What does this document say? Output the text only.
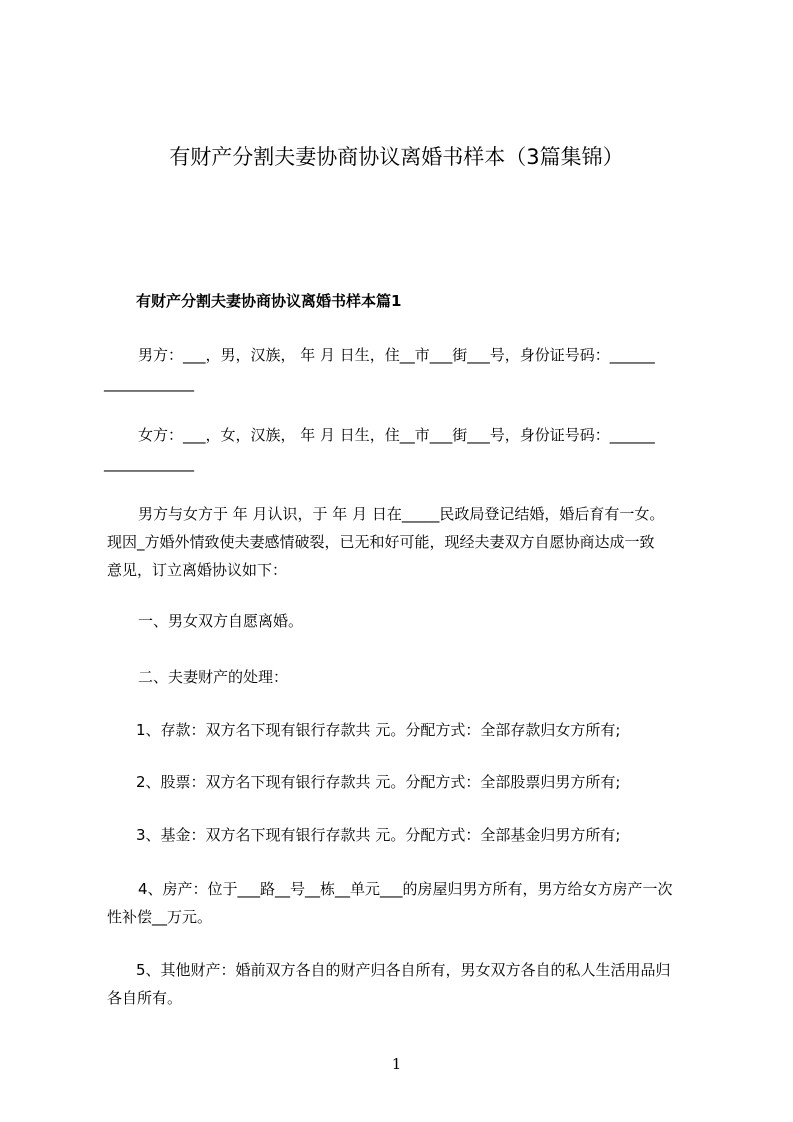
有财产分割夫妻协商协议离婚书样本（3篇集锦）
有财产分割夫妻协商协议离婚书样本篇1

男方：___，男，汉族， 年 月 日生，住__市___街___号，身份证号码：______

____________

女方：___，女，汉族， 年 月 日生，住__市___街___号，身份证号码：______

____________

男方与女方于 年 月认识，于 年 月 日在_____民政局登记结婚，婚后育有一女。

现因_方婚外情致使夫妻感情破裂，已无和好可能，现经夫妻双方自愿协商达成一致

意见，订立离婚协议如下：

一、男女双方自愿离婚。

二、夫妻财产的处理：

1、存款：双方名下现有银行存款共 元。分配方式：全部存款归女方所有;

2、股票：双方名下现有银行存款共 元。分配方式：全部股票归男方所有;

3、基金：双方名下现有银行存款共 元。分配方式：全部基金归男方所有;

4、房产：位于___路__号__栋__单元___的房屋归男方所有，男方给女方房产一次

性补偿__万元。

5、其他财产：婚前双方各自的财产归各自所有，男女双方各自的私人生活用品归

各自所有。

1
